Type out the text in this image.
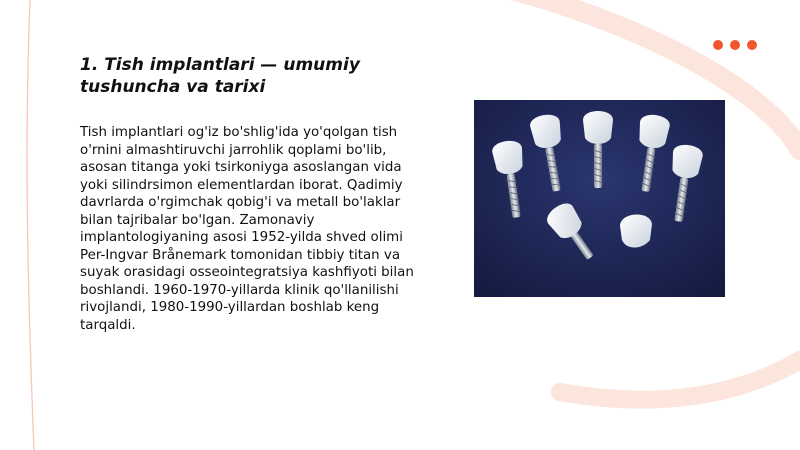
1. Tish implantlari — umumiy tushuncha va tarixi

Tish implantlari og'iz bo'shlig'ida yo'qolgan tish o'rnini almashtiruvchi jarrohlik qoplami bo'lib, asosan titanga yoki tsirkoniyga asoslangan vida yoki silindrsimon elementlardan iborat. Qadimiy davrlarda o'rgimchak qobig'i va metall bo'laklar bilan tajribalar bo'lgan. Zamonaviy implantologiyaning asosi 1952-yilda shved olimi Per-Ingvar Brånemark tomonidan tibbiy titan va suyak orasidagi osseointegratsiya kashfiyoti bilan boshlandi. 1960-1970-yillarda klinik qo'llanilishi rivojlandi, 1980-1990-yillardan boshlab keng tarqaldi.
